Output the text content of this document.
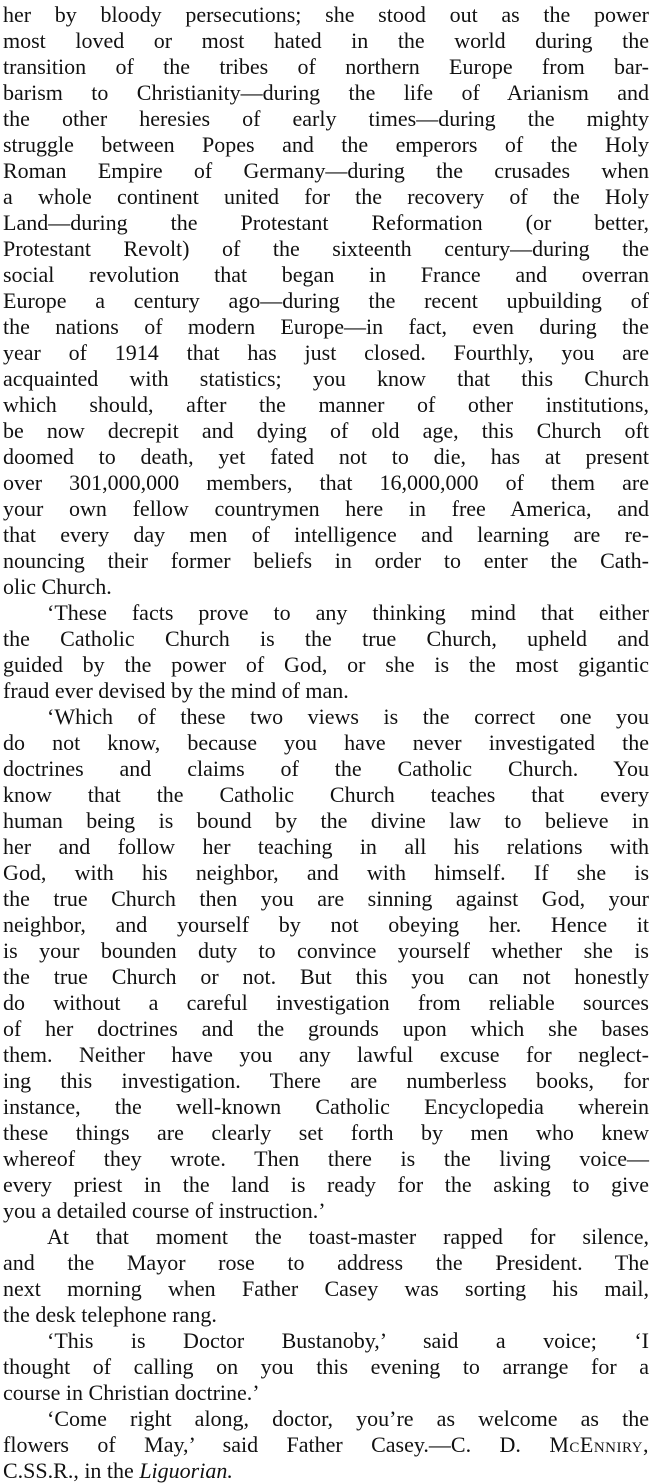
her by bloody persecutions; she stood out as the power
most loved or most hated in the world during the
transition of the tribes of northern Europe from bar-
barism to Christianity—during the life of Arianism and
the other heresies of early times—during the mighty
struggle between Popes and the emperors of the Holy
Roman Empire of Germany—during the crusades when
a whole continent united for the recovery of the Holy
Land—during the Protestant Reformation (or better,
Protestant Revolt) of the sixteenth century—during the
social revolution that began in France and overran
Europe a century ago—during the recent upbuilding of
the nations of modern Europe—in fact, even during the
year of 1914 that has just closed. Fourthly, you are
acquainted with statistics; you know that this Church
which should, after the manner of other institutions,
be now decrepit and dying of old age, this Church oft
doomed to death, yet fated not to die, has at present
over 301,000,000 members, that 16,000,000 of them are
your own fellow countrymen here in free America, and
that every day men of intelligence and learning are re-
nouncing their former beliefs in order to enter the Cath-
olic Church.
‘These facts prove to any thinking mind that either
the Catholic Church is the true Church, upheld and
guided by the power of God, or she is the most gigantic
fraud ever devised by the mind of man.
‘Which of these two views is the correct one you
do not know, because you have never investigated the
doctrines and claims of the Catholic Church. You
know that the Catholic Church teaches that every
human being is bound by the divine law to believe in
her and follow her teaching in all his relations with
God, with his neighbor, and with himself. If she is
the true Church then you are sinning against God, your
neighbor, and yourself by not obeying her. Hence it
is your bounden duty to convince yourself whether she is
the true Church or not. But this you can not honestly
do without a careful investigation from reliable sources
of her doctrines and the grounds upon which she bases
them. Neither have you any lawful excuse for neglect-
ing this investigation. There are numberless books, for
instance, the well-known Catholic Encyclopedia wherein
these things are clearly set forth by men who knew
whereof they wrote. Then there is the living voice—
every priest in the land is ready for the asking to give
you a detailed course of instruction.’
At that moment the toast-master rapped for silence,
and the Mayor rose to address the President. The
next morning when Father Casey was sorting his mail,
the desk telephone rang.
‘This is Doctor Bustanoby,’ said a voice; ‘I
thought of calling on you this evening to arrange for a
course in Christian doctrine.’
‘Come right along, doctor, you’re as welcome as the
flowers of May,’ said Father Casey.—C. D. McEnniry,
C.SS.R., in the Liguorian.
